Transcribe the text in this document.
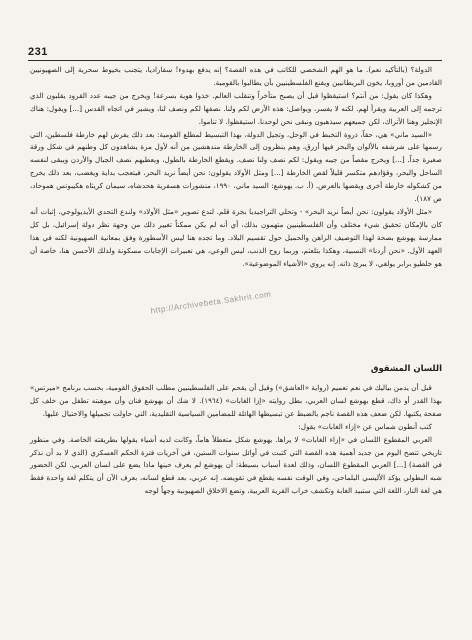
231

الدولة؟ (بالتأكيد نعم). ما هو الهم الشخصي للكاتب في هذه القصة؟ إنه يدفع بهدوء! سفاراديا، يتجنب بخيوط سحرية إلى الصهيونيين القادمين من أوروبا، يخون البريطانيين ويقنع الفلسطينيين بأن يطالبوا بالقومية.

وهكذا كان يقول: من أنتم؟ استيقظوا قبل أن يصبح متأخراً وتنقلب العالم. خذوا هوية بسرعة! ويخرج من جيبه عدد القرود يقلبون الذي ترجمه إلى العربية ويقرأ لهم. لكنه لا يفسر، ويواصل: هذه الأرض لكم ولنا. نصفها لكم ونصف لنا، ويشير في اتجاه القدس [...] ويقول: هناك الإنجليز وهنا الأتراك، لكن جميعهم سيذهبون ونبقى نحن لوحدنا. استيقظوا. لا تناموا.

«السيد ماني» هي، حقاً، ذروة التخبط في الوحل، وتجيل الدولة، بهذا التبسيط لمطلع القومية: بعد ذلك يفرش لهم خارطة فلسطين، التي رسمها على شرشفه بالألوان والبحر فيها أزرق، وهم ينظرون إلى الخارطة مندهشين من أنه لأول مرة يشاهدون كل وطنهم في شكل ورقة صغيرة جداً. [...] ويخرج مقصاً من جيبه ويقول: لكم نصف ولنا نصف. ويقطع الخارطة بالطول، ويعطيهم نصف الجبال والأردن ويبقى لنفسه الساحل والبحر، وفؤادهم متكسر قليلاً لقص الخارطة [...] ومثل الأولاد يقولون: نحن أيضاً نريد البحر، فيتعجب بداية ويغضب، بعد ذلك يخرج من كشكوله خارطة أخرى ويقصها بالعرض. (أ. ب. يهوشع: السيد ماني، ١٩٩٠، منشورات هسفرية هحدشاه، سيمان كريثاه هكيبوتس هموحاد، ص ١٨٧).

«مثل الأولاد يقولون: نحن أيضاً نريد البحر» - وتحلي التراجيديا بجرة قلم. لتدع تصوير «مثل الأولاد» ولندع التحدي الأيديولوجي، إثبات أنه كان بالإمكان تحقيق شيء مختلف وأن الفلسطينيين متهمون بذلك، أي أنه لم يكن ممكناً تغيير ذلك من وجهة نظر دولة إسرائيل، بل كل ممارسة يهوشع بصحة لهذا التوصيف الراهن والحميل حول تقسيم البلاد. وما تجده هنا ليس الأسطورة وفق بمعانية الصهيونية لكنه في هذا العهد الأول. «نحن أردنا» النسبية، وهكذا بتلعثم، وربما روح الذنب، ليس الوعي، هي تعبيرات الإجابات مسكونة ولذلك الأحسن هنا، خاصة أن هو خلطيو برابر يولغي، لا يبرئ ذاته. إنه يروي «الأشياء الموضوعية».

http://Archivebeta.Sakhrit.com
اللسان المشقوق

قبل أن يدمن بياليك في نعم تعميم (رواية «العاشق») وقيل أن يقحم على الفلسطينيين مطلب الحقوق القومية، بحسب برنامج «ميرتس» بهذا القدر أو ذاك، قطع يهوشع لسان العربي، بطل روايته «إزا الغابات» (١٩٦٤). لا شك أن يهوشع فنان وأن موهبته تطفل من خلف كل صفحة يكتبها. لكن ضعف هذه القصة ناجم بالضبط عن تبسيطها الهائلة للمضامين السياسية التقليدية، التي حاولت تجميلها والاحتيال عليها.

كتب أنطون شماس عن «إزاء الغابات» يقول:

العربي المقطوع اللسان في «إزاء الغابات» لا يراها. يهوشع شكل متعطلاً هاماً، وكانت لديه أشياء يقولها بطريقته الخاصة. وفي منظور تاريخي تتضح اليوم من جديد أهمية هذه القصة التي كتبت في أوائل سنوات الستين، في آخريات فترة الحكم العسكري (الذي لا بد أن نذكر في القصة) [...] العربي المقطوع اللسان، وذلك لعدة أسباب بسيطة: أن يهوشع لم يعرف حينها ماذا يضع على لسان العربي. لكن الحضور شبه البطولي يؤكد الأليسي البلماحي، وفي الوقت نفسه يقطع في تقويضه. إنه عربي، بعد قطع لسانه، بعرف الآن أن يتكلم لغة واحدة فقط هي لغة النار، اللغة التي ستبيد الغابة وتكشف خراب القرية العربية، وتضع الاخلاق الصهيونية وجهاً لوجه
